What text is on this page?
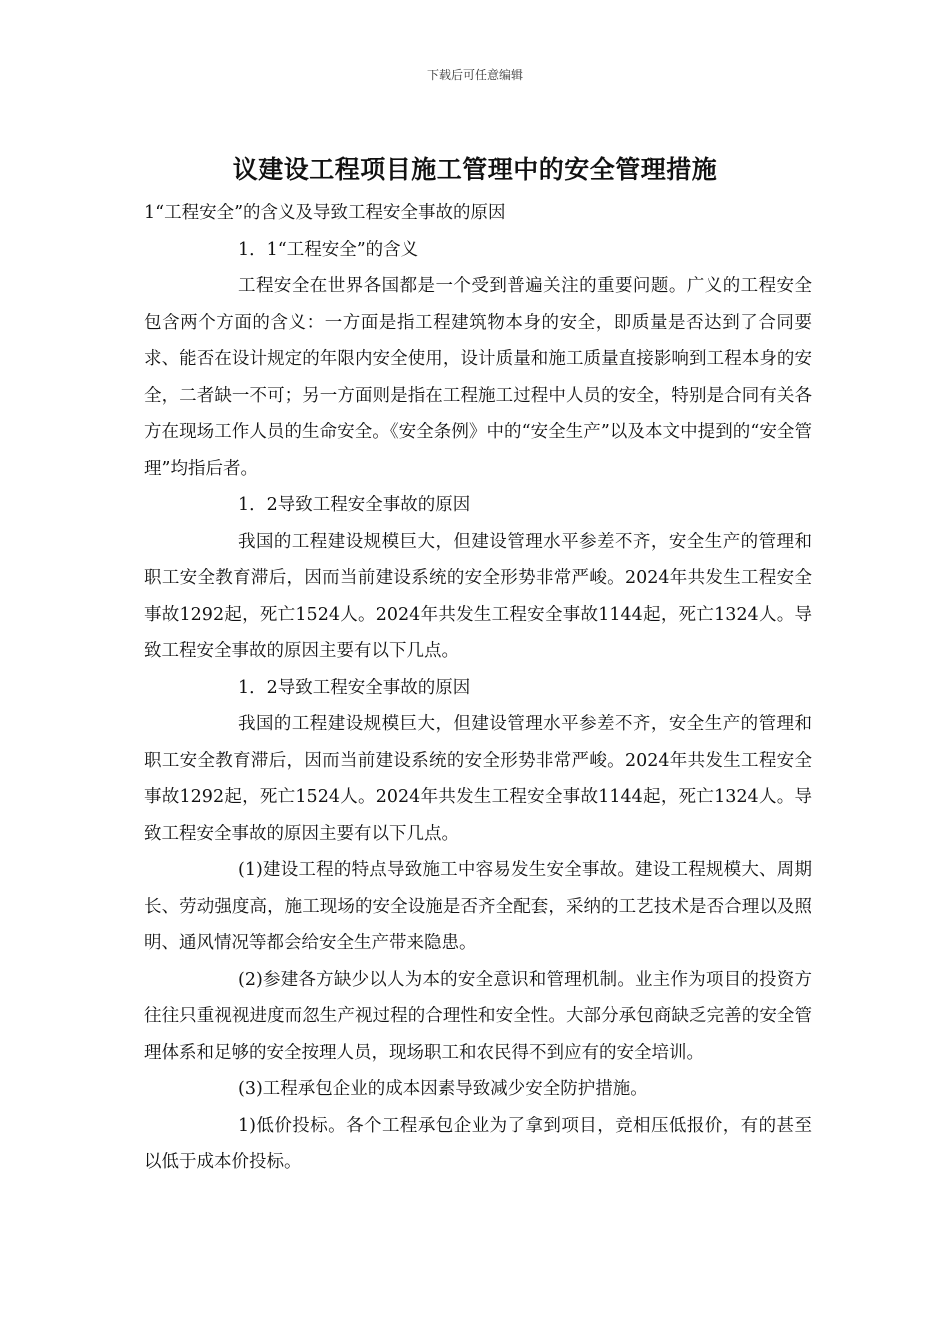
下载后可任意编辑
议建设工程项目施工管理中的安全管理措施

1“工程安全”的含义及导致工程安全事故的原因

1．1“工程安全”的含义

工程安全在世界各国都是一个受到普遍关注的重要问题。广义的工程安全包含两个方面的含义：一方面是指工程建筑物本身的安全，即质量是否达到了合同要求、能否在设计规定的年限内安全使用，设计质量和施工质量直接影响到工程本身的安全，二者缺一不可；另一方面则是指在工程施工过程中人员的安全，特别是合同有关各方在现场工作人员的生命安全。《安全条例》中的“安全生产”以及本文中提到的“安全管理”均指后者。

1．2导致工程安全事故的原因

我国的工程建设规模巨大，但建设管理水平参差不齐，安全生产的管理和职工安全教育滞后，因而当前建设系统的安全形势非常严峻。2024年共发生工程安全事故1292起，死亡1524人。2024年共发生工程安全事故1144起，死亡1324人。导致工程安全事故的原因主要有以下几点。

1．2导致工程安全事故的原因

我国的工程建设规模巨大，但建设管理水平参差不齐，安全生产的管理和职工安全教育滞后，因而当前建设系统的安全形势非常严峻。2024年共发生工程安全事故1292起，死亡1524人。2024年共发生工程安全事故1144起，死亡1324人。导致工程安全事故的原因主要有以下几点。

(1)建设工程的特点导致施工中容易发生安全事故。建设工程规模大、周期长、劳动强度高，施工现场的安全设施是否齐全配套，采纳的工艺技术是否合理以及照明、通风情况等都会给安全生产带来隐患。

(2)参建各方缺少以人为本的安全意识和管理机制。业主作为项目的投资方往往只重视视进度而忽生产视过程的合理性和安全性。大部分承包商缺乏完善的安全管理体系和足够的安全按理人员，现场职工和农民得不到应有的安全培训。

(3)工程承包企业的成本因素导致减少安全防护措施。

1)低价投标。各个工程承包企业为了拿到项目，竞相压低报价，有的甚至以低于成本价投标。
